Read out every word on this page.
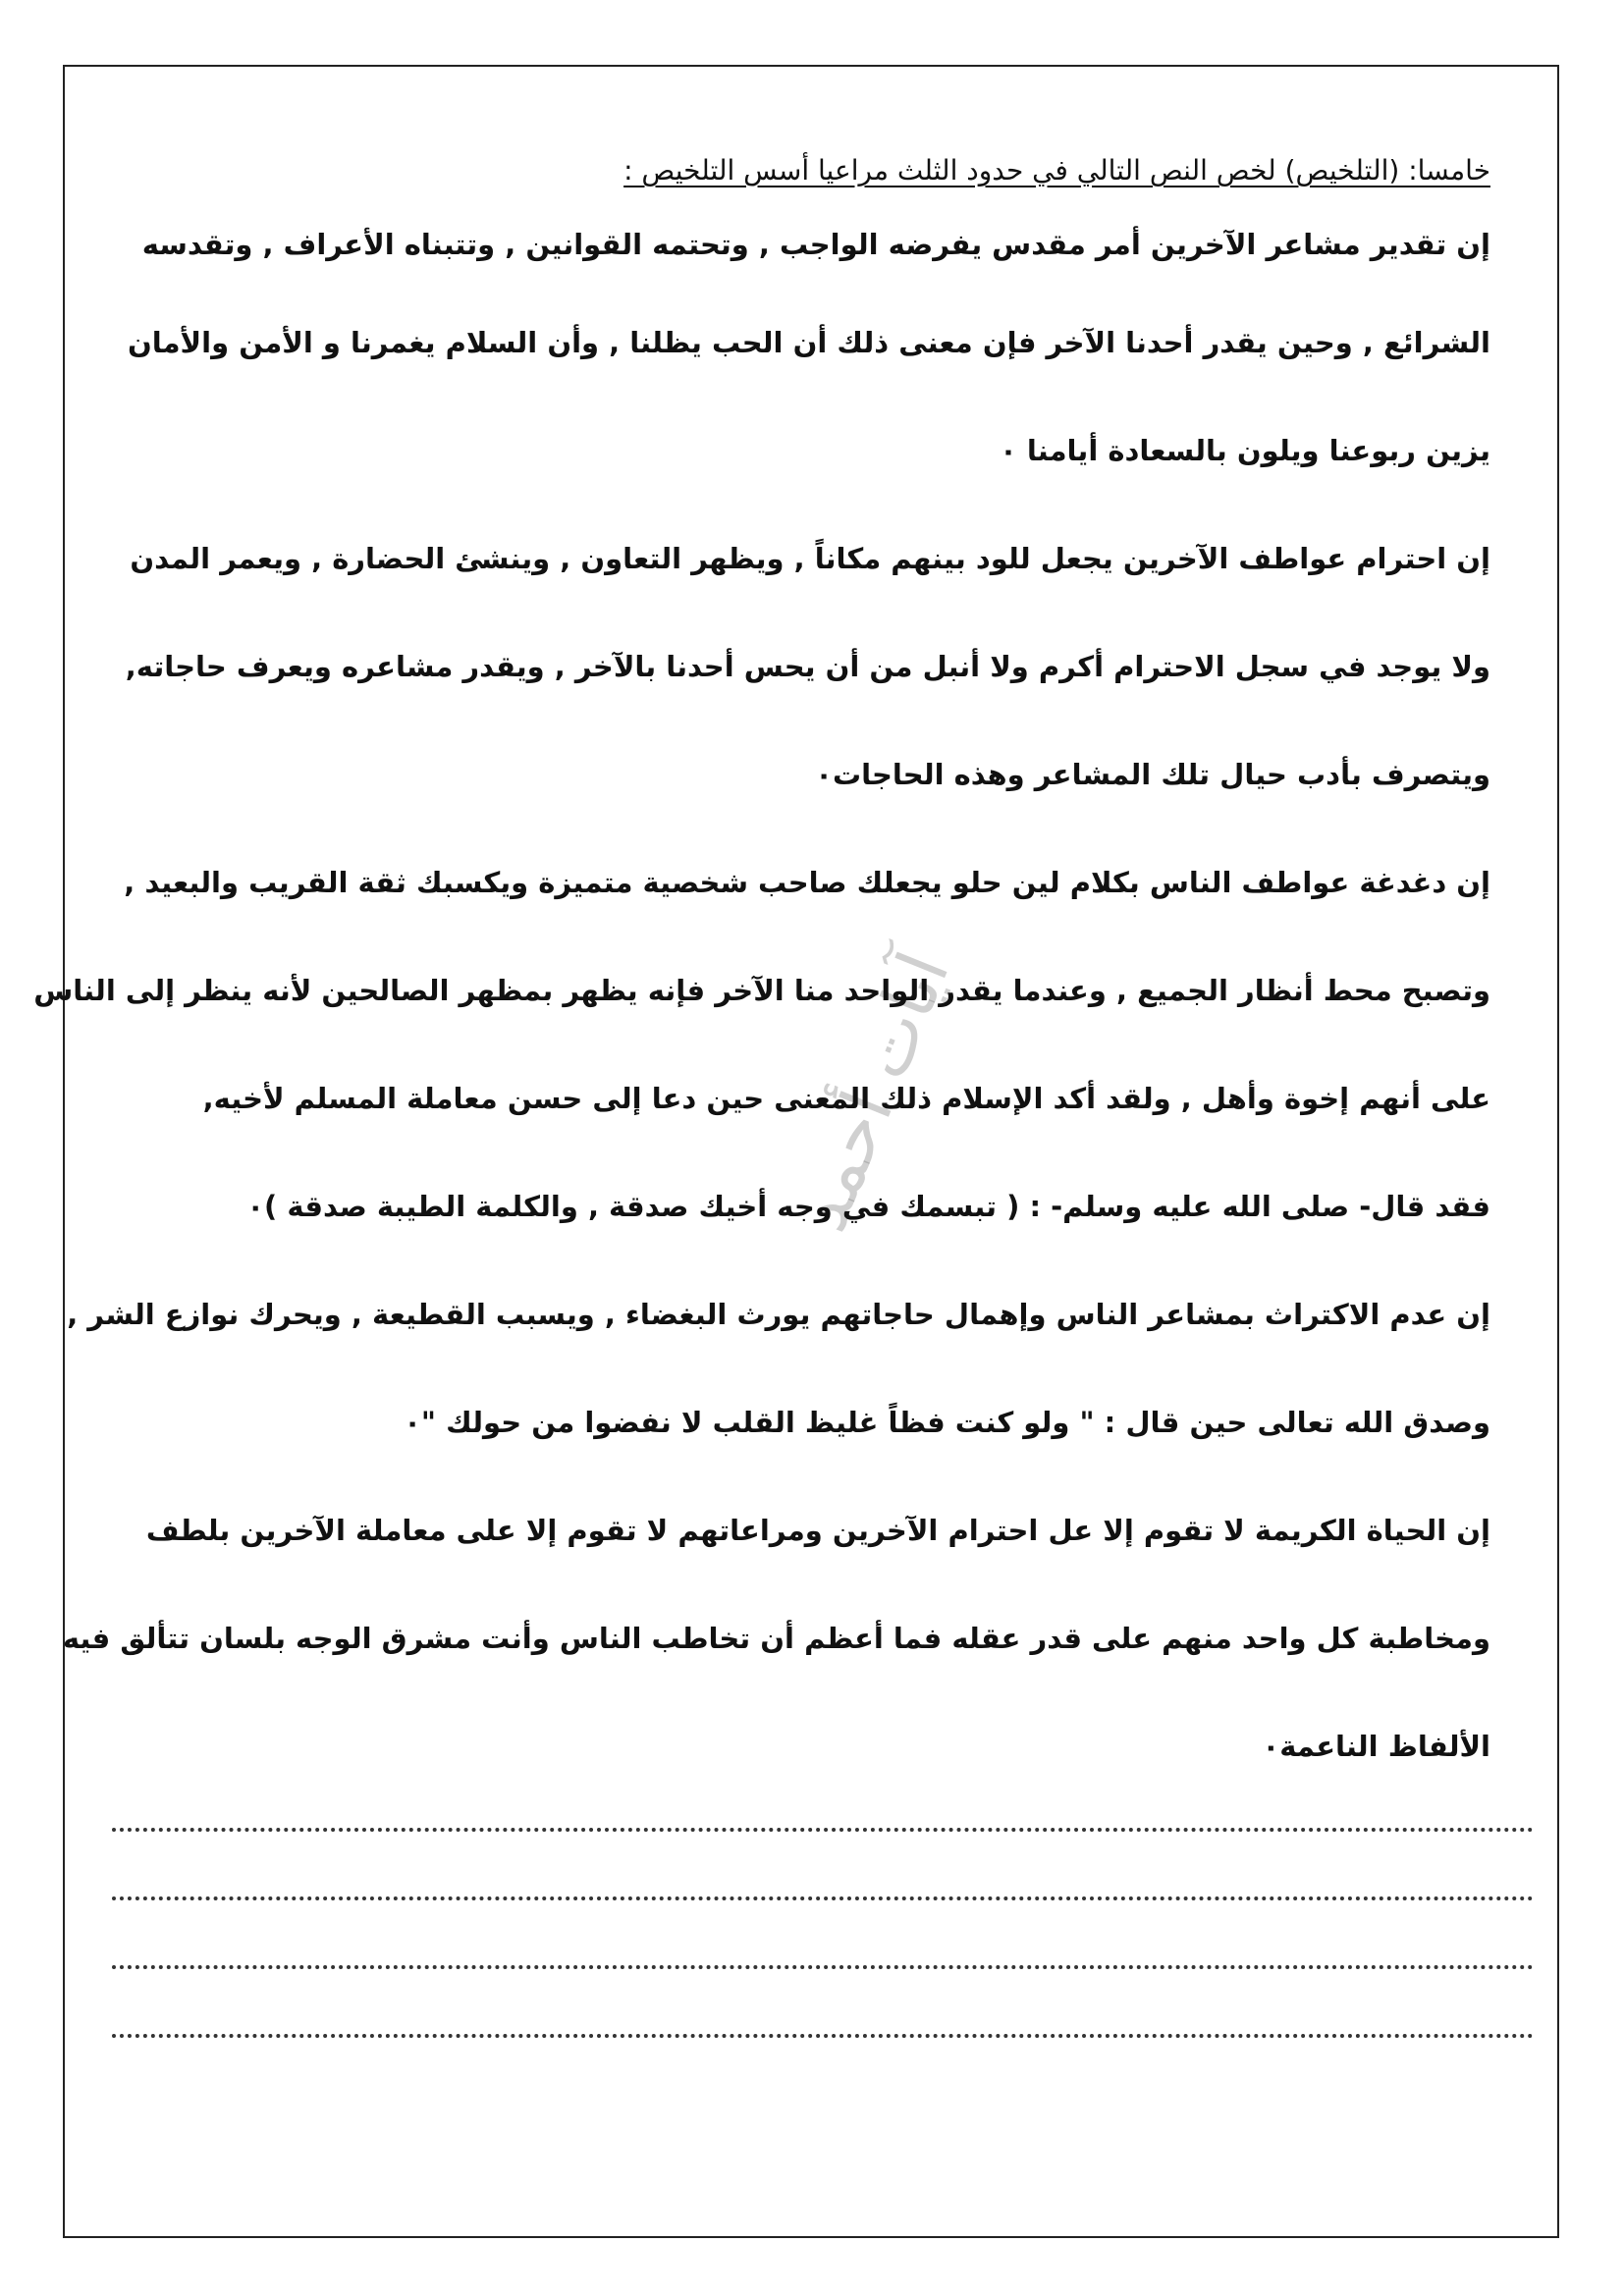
آيات أحمد
خامسا: (التلخيص) لخص النص التالي في حدود الثلث مراعيا أسس التلخيص :
إن تقدير مشاعر الآخرين أمر مقدس يفرضه الواجب , وتحتمه القوانين , وتتبناه الأعراف , وتقدسه
الشرائع , وحين يقدر أحدنا الآخر فإن معنى ذلك أن الحب يظلنا , وأن السلام يغمرنا و الأمن والأمان
يزين ربوعنا ويلون بالسعادة أيامنا ٠
إن احترام عواطف الآخرين يجعل للود بينهم مكاناً , ويظهر التعاون , وينشئ الحضارة , ويعمر المدن
ولا يوجد في سجل الاحترام أكرم ولا أنبل من أن يحس أحدنا بالآخر , ويقدر مشاعره ويعرف حاجاته,
ويتصرف بأدب حيال تلك المشاعر وهذه الحاجات٠
إن دغدغة عواطف الناس بكلام لين حلو يجعلك صاحب شخصية متميزة ويكسبك ثقة القريب والبعيد ,
وتصبح محط أنظار الجميع , وعندما يقدر الواحد منا الآخر فإنه يظهر بمظهر الصالحين لأنه ينظر إلى الناس
على أنهم إخوة وأهل , ولقد أكد الإسلام ذلك المعنى حين دعا إلى حسن معاملة المسلم لأخيه,
فقد قال- صلى الله عليه وسلم- : ( تبسمك في وجه أخيك صدقة , والكلمة الطيبة صدقة )٠
إن عدم الاكتراث بمشاعر الناس وإهمال حاجاتهم يورث البغضاء , ويسبب القطيعة , ويحرك نوازع الشر ,
وصدق الله تعالى حين قال : " ولو كنت فظاً غليظ القلب لا نفضوا من حولك "٠
إن الحياة الكريمة لا تقوم إلا عل احترام الآخرين ومراعاتهم لا تقوم إلا على معاملة الآخرين بلطف
ومخاطبة كل واحد منهم على قدر عقله فما أعظم أن تخاطب الناس وأنت مشرق الوجه بلسان تتألق فيه
الألفاظ الناعمة٠
